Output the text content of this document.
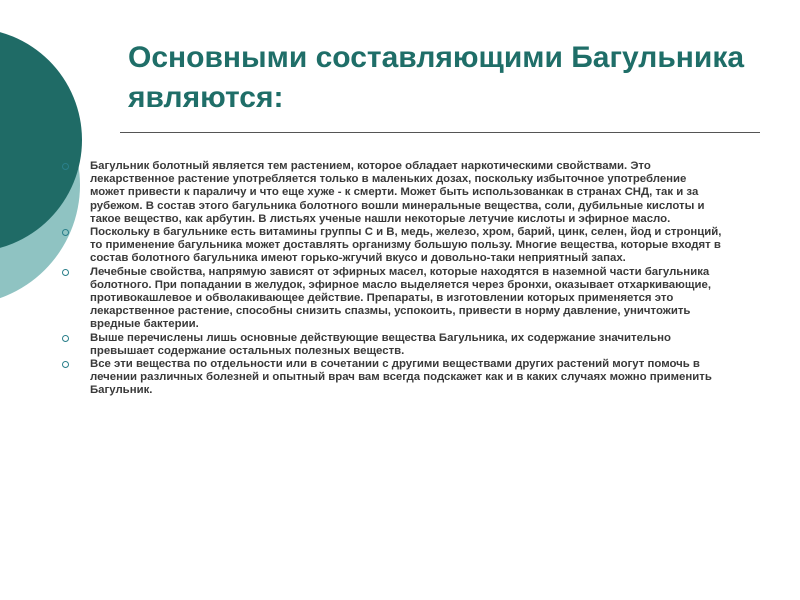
Основными составляющими Багульника являются:
Багульник болотный является тем растением, которое обладает наркотическими свойствами. Это лекарственное растение употребляется только в маленьких дозах, поскольку избыточное употребление может привести к параличу и что еще хуже - к смерти. Может быть использованкак в странах СНД, так и за рубежом. В состав этого багульника болотного вошли минеральные вещества, соли, дубильные кислоты и такое вещество, как арбутин. В листьях ученые нашли некоторые летучие кислоты и эфирное масло.
Поскольку в багульнике есть витамины группы С и В, медь, железо, хром, барий, цинк, селен, йод и стронций, то применение багульника может доставлять организму большую пользу. Многие вещества, которые входят в состав болотного багульника имеют горько-жгучий вкусо и довольно-таки неприятный запах.
Лечебные свойства, напрямую зависят от эфирных масел, которые находятся в наземной части багульника болотного. При попадании в желудок, эфирное масло выделяется через бронхи, оказывает отхаркивающие, противокашлевое и обволакивающее действие. Препараты, в изготовлении которых применяется это лекарственное растение, способны снизить спазмы, успокоить, привести в норму давление, уничтожить вредные бактерии.
Выше перечислены лишь основные действующие вещества Багульника, их содержание значительно превышает содержание остальных полезных веществ.
Все эти вещества по отдельности или в сочетании с другими веществами других растений могут помочь в лечении различных болезней и опытный врач вам всегда подскажет как и в каких случаях можно применить Багульник.
